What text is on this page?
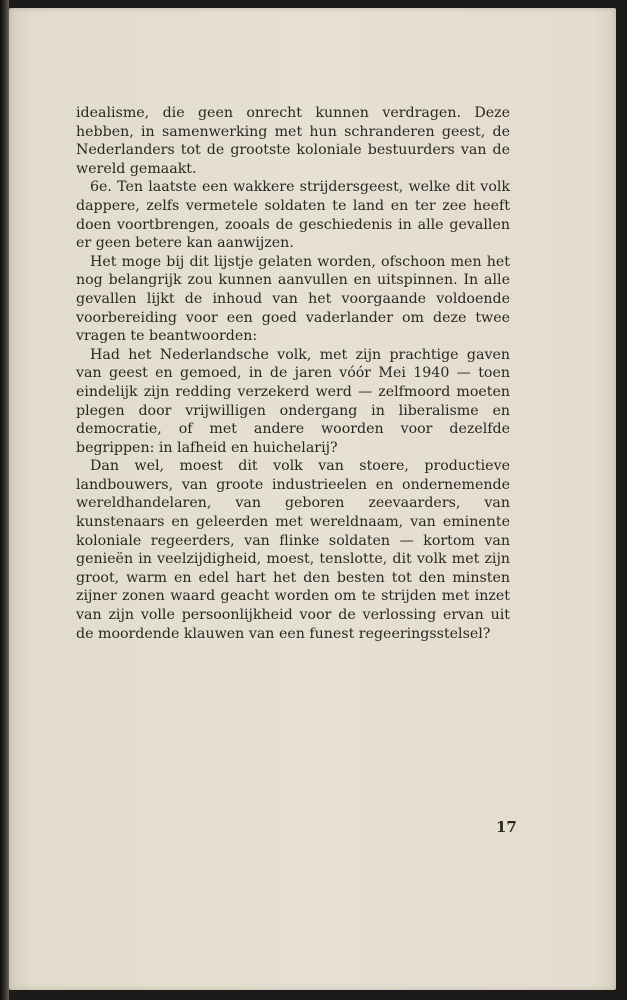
idealisme, die geen onrecht kunnen verdragen. Deze hebben, in samenwerking met hun schranderen geest, de Nederlanders tot de grootste koloniale bestuurders van de wereld gemaakt.

6e. Ten laatste een wakkere strijdersgeest, welke dit volk dappere, zelfs vermetele soldaten te land en ter zee heeft doen voortbrengen, zooals de geschiedenis in alle gevallen er geen betere kan aanwijzen.

Het moge bij dit lijstje gelaten worden, ofschoon men het nog belangrijk zou kunnen aanvullen en uitspinnen. In alle gevallen lijkt de inhoud van het voorgaande voldoende voorbereiding voor een goed vaderlander om deze twee vragen te beantwoorden:

Had het Nederlandsche volk, met zijn prachtige gaven van geest en gemoed, in de jaren vóór Mei 1940 — toen eindelijk zijn redding verzekerd werd — zelfmoord moeten plegen door vrijwilligen ondergang in liberalisme en democratie, of met andere woorden voor dezelfde begrippen: in lafheid en huichelarij?

Dan wel, moest dit volk van stoere, productieve landbouwers, van groote industrieelen en ondernemende wereldhandelaren, van geboren zeevaarders, van kunstenaars en geleerden met wereldnaam, van eminente koloniale regeerders, van flinke soldaten — kortom van genieën in veelzijdigheid, moest, tenslotte, dit volk met zijn groot, warm en edel hart het den besten tot den minsten zijner zonen waard geacht worden om te strijden met inzet van zijn volle persoonlijkheid voor de verlossing ervan uit de moordende klauwen van een funest regeeringsstelsel?

17
